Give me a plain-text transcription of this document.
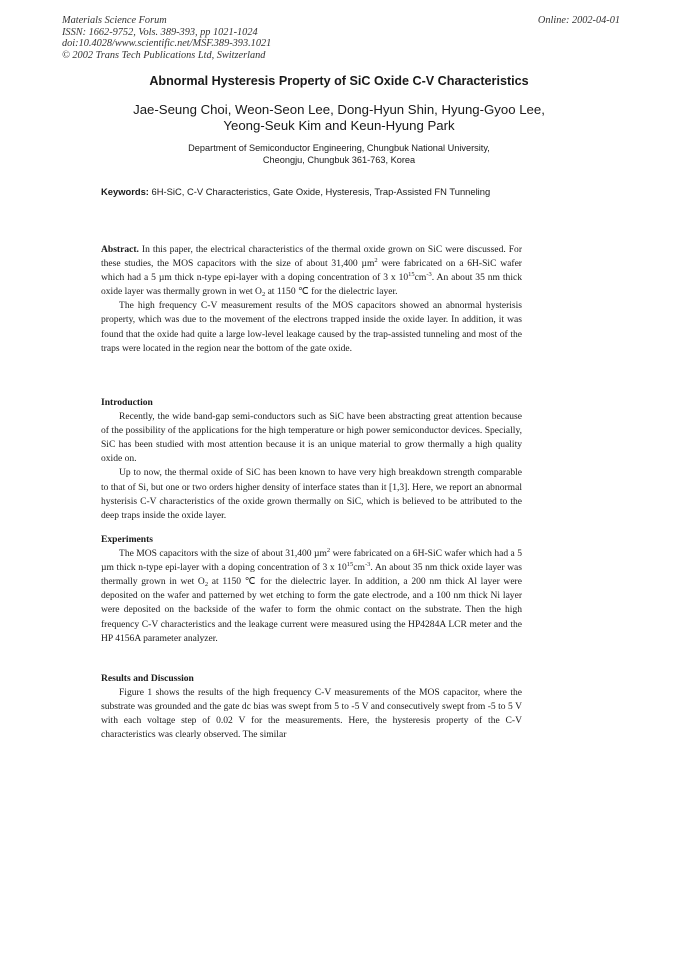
Materials Science Forum
ISSN: 1662-9752, Vols. 389-393, pp 1021-1024
doi:10.4028/www.scientific.net/MSF.389-393.1021
© 2002 Trans Tech Publications Ltd, Switzerland
Online: 2002-04-01
Abnormal Hysteresis Property of SiC Oxide C-V Characteristics
Jae-Seung Choi, Weon-Seon Lee, Dong-Hyun Shin, Hyung-Gyoo Lee,
Yeong-Seuk Kim and Keun-Hyung Park
Department of Semiconductor Engineering, Chungbuk National University,
Cheongju, Chungbuk 361-763, Korea
Keywords: 6H-SiC, C-V Characteristics, Gate Oxide, Hysteresis, Trap-Assisted FN Tunneling

Abstract. In this paper, the electrical characteristics of the thermal oxide grown on SiC were discussed. For these studies, the MOS capacitors with the size of about 31,400 µm$^2$ were fabricated on a 6H-SiC wafer which had a 5 µm thick n-type epi-layer with a doping concentration of 3 x $10^{15}cm^{-3}$. An about 35 nm thick oxide layer was thermally grown in wet $O_2$ at 1150 ℃ for the dielectric layer.

The high frequency C-V measurement results of the MOS capacitors showed an abnormal hysterisis property, which was due to the movement of the electrons trapped inside the oxide layer. In addition, it was found that the oxide had quite a large low-level leakage caused by the trap-assisted tunneling and most of the traps were located in the region near the bottom of the gate oxide.

Introduction

Recently, the wide band-gap semi-conductors such as SiC have been abstracting great attention because of the possibility of the applications for the high temperature or high power semiconductor devices. Specially, SiC has been studied with most attention because it is an unique material to grow thermally a high quality oxide on.

Up to now, the thermal oxide of SiC has been known to have very high breakdown strength comparable to that of Si, but one or two orders higher density of interface states than it [1,3]. Here, we report an abnormal hysterisis C-V characteristics of the oxide grown thermally on SiC, which is believed to be attributed to the deep traps inside the oxide layer.

Experiments

The MOS capacitors with the size of about 31,400 µm$^2$ were fabricated on a 6H-SiC wafer which had a 5 µm thick n-type epi-layer with a doping concentration of 3 x $10^{15}cm^{-3}$. An about 35 nm thick oxide layer was thermally grown in wet $O_2$ at 1150 ℃ for the dielectric layer. In addition, a 200 nm thick Al layer were deposited on the wafer and patterned by wet etching to form the gate electrode, and a 100 nm thick Ni layer were deposited on the backside of the wafer to form the ohmic contact on the substrate. Then the high frequency C-V characteristics and the leakage current were measured using the HP4284A LCR meter and the HP 4156A parameter analyzer.

Results and Discussion

Figure 1 shows the results of the high frequency C-V measurements of the MOS capacitor, where the substrate was grounded and the gate dc bias was swept from 5 to -5 V and consecutively swept from -5 to 5 V with each voltage step of 0.02 V for the measurements. Here, the hysteresis property of the C-V characteristics was clearly observed. The similar
